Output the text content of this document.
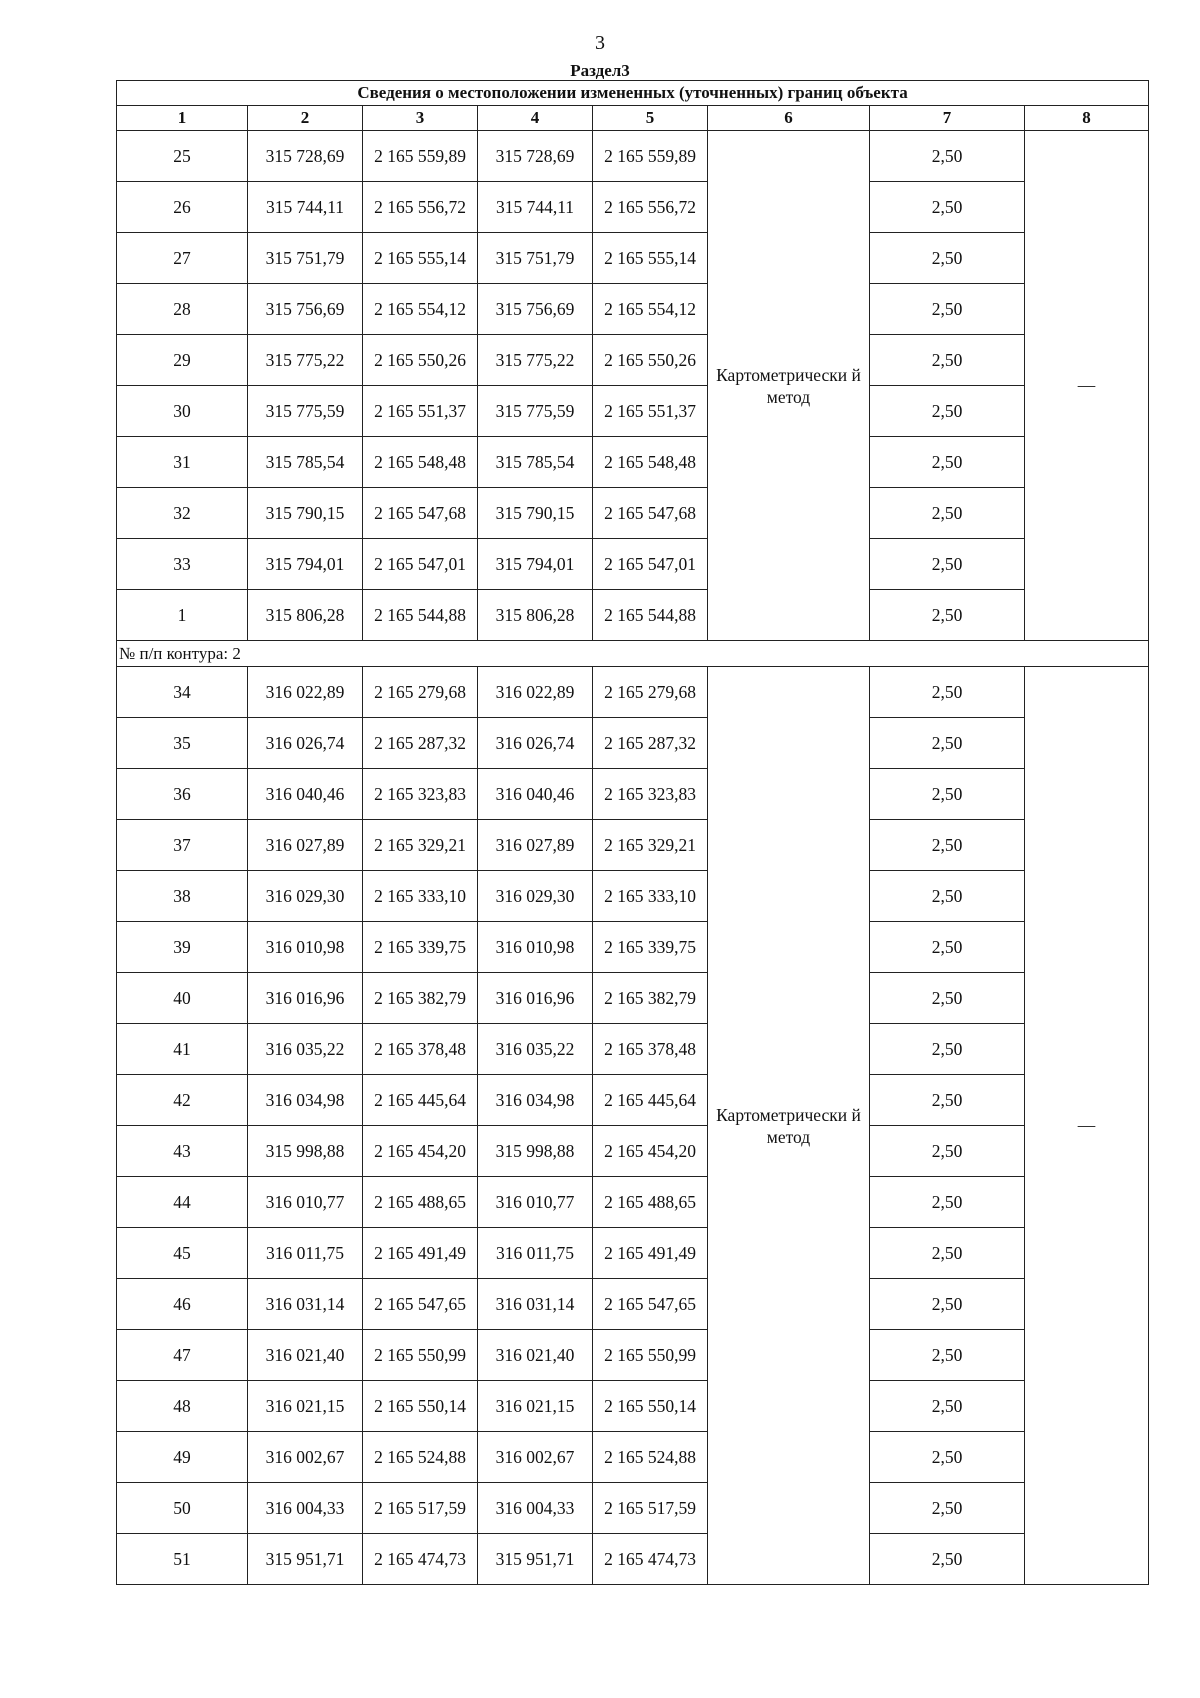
3
Раздел3
Сведения о местоположении измененных (уточненных) границ объекта							
1	2	3	4	5	6	7	8
25	315 728,69	2 165 559,89	315 728,69	2 165 559,89	Картометрически й метод	2,50	—
26	315 744,11	2 165 556,72	315 744,11	2 165 556,72		2,50	
27	315 751,79	2 165 555,14	315 751,79	2 165 555,14		2,50	
28	315 756,69	2 165 554,12	315 756,69	2 165 554,12		2,50	
29	315 775,22	2 165 550,26	315 775,22	2 165 550,26		2,50	
30	315 775,59	2 165 551,37	315 775,59	2 165 551,37		2,50	
31	315 785,54	2 165 548,48	315 785,54	2 165 548,48		2,50	
32	315 790,15	2 165 547,68	315 790,15	2 165 547,68		2,50	
33	315 794,01	2 165 547,01	315 794,01	2 165 547,01		2,50	
1	315 806,28	2 165 544,88	315 806,28	2 165 544,88		2,50	
№ п/п контура: 2							
34	316 022,89	2 165 279,68	316 022,89	2 165 279,68	Картометрически й метод	2,50	—
35	316 026,74	2 165 287,32	316 026,74	2 165 287,32		2,50	
36	316 040,46	2 165 323,83	316 040,46	2 165 323,83		2,50	
37	316 027,89	2 165 329,21	316 027,89	2 165 329,21		2,50	
38	316 029,30	2 165 333,10	316 029,30	2 165 333,10		2,50	
39	316 010,98	2 165 339,75	316 010,98	2 165 339,75		2,50	
40	316 016,96	2 165 382,79	316 016,96	2 165 382,79		2,50	
41	316 035,22	2 165 378,48	316 035,22	2 165 378,48		2,50	
42	316 034,98	2 165 445,64	316 034,98	2 165 445,64		2,50	
43	315 998,88	2 165 454,20	315 998,88	2 165 454,20		2,50	
44	316 010,77	2 165 488,65	316 010,77	2 165 488,65		2,50	
45	316 011,75	2 165 491,49	316 011,75	2 165 491,49		2,50	
46	316 031,14	2 165 547,65	316 031,14	2 165 547,65		2,50	
47	316 021,40	2 165 550,99	316 021,40	2 165 550,99		2,50	
48	316 021,15	2 165 550,14	316 021,15	2 165 550,14		2,50	
49	316 002,67	2 165 524,88	316 002,67	2 165 524,88		2,50	
50	316 004,33	2 165 517,59	316 004,33	2 165 517,59		2,50	
51	315 951,71	2 165 474,73	315 951,71	2 165 474,73		2,50	
